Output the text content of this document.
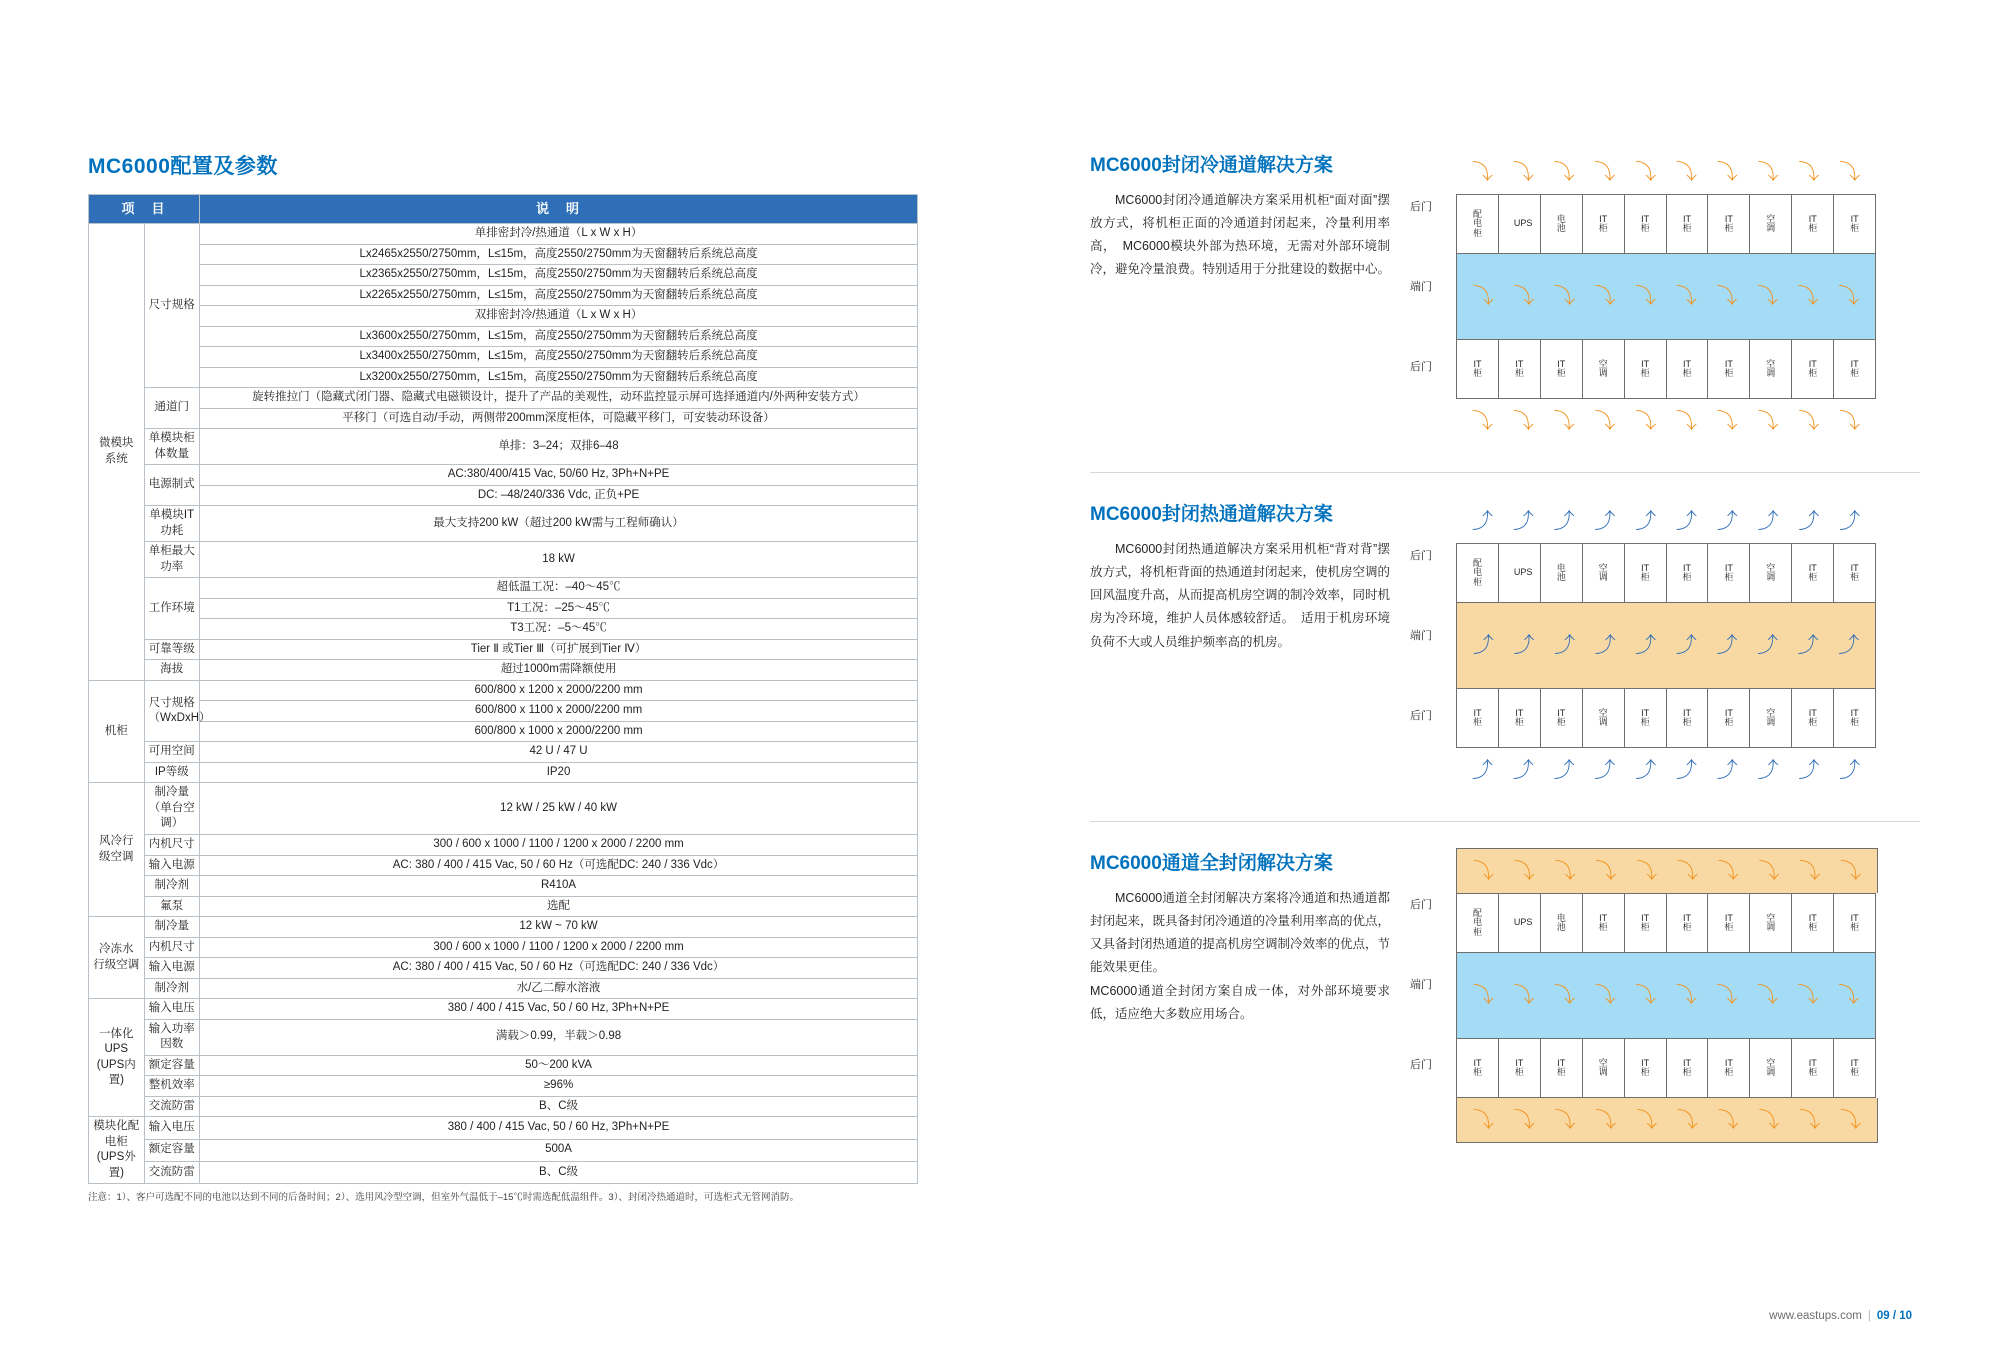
MC6000配置及参数
项　目		说　明
微模块
系统	尺寸规格	单排密封冷/热通道（L x W x H）
		Lx2465x2550/2750mm，L≤15m，高度2550/2750mm为天窗翻转后系统总高度
		Lx2365x2550/2750mm，L≤15m，高度2550/2750mm为天窗翻转后系统总高度
		Lx2265x2550/2750mm，L≤15m，高度2550/2750mm为天窗翻转后系统总高度
		双排密封冷/热通道（L x W x H）
		Lx3600x2550/2750mm，L≤15m，高度2550/2750mm为天窗翻转后系统总高度
		Lx3400x2550/2750mm，L≤15m，高度2550/2750mm为天窗翻转后系统总高度
		Lx3200x2550/2750mm，L≤15m，高度2550/2750mm为天窗翻转后系统总高度
	通道门	旋转推拉门（隐藏式闭门器、隐藏式电磁锁设计，提升了产品的美观性，动环监控显示屏可选择通道内/外两种安装方式）
		平移门（可选自动/手动，两侧带200mm深度柜体，可隐藏平移门，可安装动环设备）
	单模块柜体数量	单排：3–24；双排6–48
	电源制式	AC:380/400/415 Vac, 50/60 Hz, 3Ph+N+PE
		DC: –48/240/336 Vdc, 正负+PE
	单模块IT功耗	最大支持200 kW（超过200 kW需与工程师确认）
	单柜最大功率	18 kW
	工作环境	超低温工况：–40～45℃
		T1工况：–25～45℃
		T3工况：–5～45℃
	可靠等级	Tier Ⅱ 或Tier Ⅲ（可扩展到Tier Ⅳ）
	海拔	超过1000m需降额使用
机柜	尺寸规格
（WxDxH）	600/800 x 1200 x 2000/2200 mm
		600/800 x 1100 x 2000/2200 mm
		600/800 x 1000 x 2000/2200 mm
	可用空间	42 U / 47 U
	IP等级	IP20
风冷行
级空调	制冷量（单台空调）	12 kW / 25 kW / 40 kW
	内机尺寸	300 / 600 x 1000 / 1100 / 1200 x 2000 / 2200 mm
	输入电源	AC: 380 / 400 / 415 Vac, 50 / 60 Hz（可选配DC: 240 / 336 Vdc）
	制冷剂	R410A
	氟泵	选配
冷冻水
行级空调	制冷量	12 kW ~ 70 kW
	内机尺寸	300 / 600 x 1000 / 1100 / 1200 x 2000 / 2200 mm
	输入电源	AC: 380 / 400 / 415 Vac, 50 / 60 Hz（可选配DC: 240 / 336 Vdc）
	制冷剂	水/乙二醇水溶液
一体化UPS
(UPS内置)	输入电压	380 / 400 / 415 Vac, 50 / 60 Hz, 3Ph+N+PE
	输入功率因数	满载＞0.99，半载＞0.98
	额定容量	50～200 kVA
	整机效率	≥96%
	交流防雷	B、C级
模块化配
电柜
(UPS外置)	输入电压	380 / 400 / 415 Vac, 50 / 60 Hz, 3Ph+N+PE
	额定容量	500A
	交流防雷	B、C级
注意：1）、客户可选配不同的电池以达到不同的后备时间；2）、选用风冷型空调，但室外气温低于–15℃时需选配低温组件。3）、封闭冷热通道时，可选柜式无管网消防。
MC6000封闭冷通道解决方案
MC6000封闭冷通道解决方案采用机柜“面对面”摆放方式，将机柜正面的冷通道封闭起来，冷量利用率高，　MC6000模块外部为热环境，无需对外部环境制冷，避免冷量浪费。特别适用于分批建设的数据中心。
⤵ ⤵ ⤵ ⤵ ⤵ ⤵ ⤵ ⤵ ⤵ ⤵
配电柜
UPS	电池
IT柜
IT柜
IT柜
IT柜
空调
IT柜
IT柜
⤵ ⤵ ⤵ ⤵ ⤵ ⤵ ⤵ ⤵ ⤵ ⤵
IT柜
IT柜
IT柜
空调
IT柜
IT柜
IT柜
空调
IT柜
IT柜
⤵ ⤵ ⤵ ⤵ ⤵ ⤵ ⤵ ⤵ ⤵ ⤵
后门
端门
后门
MC6000封闭热通道解决方案
MC6000封闭热通道解决方案采用机柜“背对背”摆放方式，将机柜背面的热通道封闭起来，使机房空调的回风温度升高，从而提高机房空调的制冷效率，同时机房为冷环境，维护人员体感较舒适。　适用于机房环境负荷不大或人员维护频率高的机房。
⤴ ⤴ ⤴ ⤴ ⤴ ⤴ ⤴ ⤴ ⤴ ⤴
配电柜
UPS	电池
空调
IT柜
IT柜
IT柜
空调
IT柜
IT柜
⤴ ⤴ ⤴ ⤴ ⤴ ⤴ ⤴ ⤴ ⤴ ⤴
IT柜
IT柜
IT柜
空调
IT柜
IT柜
IT柜
空调
IT柜
IT柜
⤴ ⤴ ⤴ ⤴ ⤴ ⤴ ⤴ ⤴ ⤴ ⤴
后门
端门
后门
MC6000通道全封闭解决方案
MC6000通道全封闭解决方案将冷通道和热通道都封闭起来，既具备封闭冷通道的冷量利用率高的优点，又具备封闭热通道的提高机房空调制冷效率的优点，节能效果更佳。
MC6000通道全封闭方案自成一体，对外部环境要求低，适应绝大多数应用场合。
⤵ ⤵ ⤵ ⤵ ⤵ ⤵ ⤵ ⤵ ⤵ ⤵
配电柜
UPS	电池
IT柜
IT柜
IT柜
IT柜
空调
IT柜
IT柜
⤵ ⤵ ⤵ ⤵ ⤵ ⤵ ⤵ ⤵ ⤵ ⤵
IT柜
IT柜
IT柜
空调
IT柜
IT柜
IT柜
空调
IT柜
IT柜
⤵ ⤵ ⤵ ⤵ ⤵ ⤵ ⤵ ⤵ ⤵ ⤵
后门
端门
后门
www.eastups.com | 09 / 10
